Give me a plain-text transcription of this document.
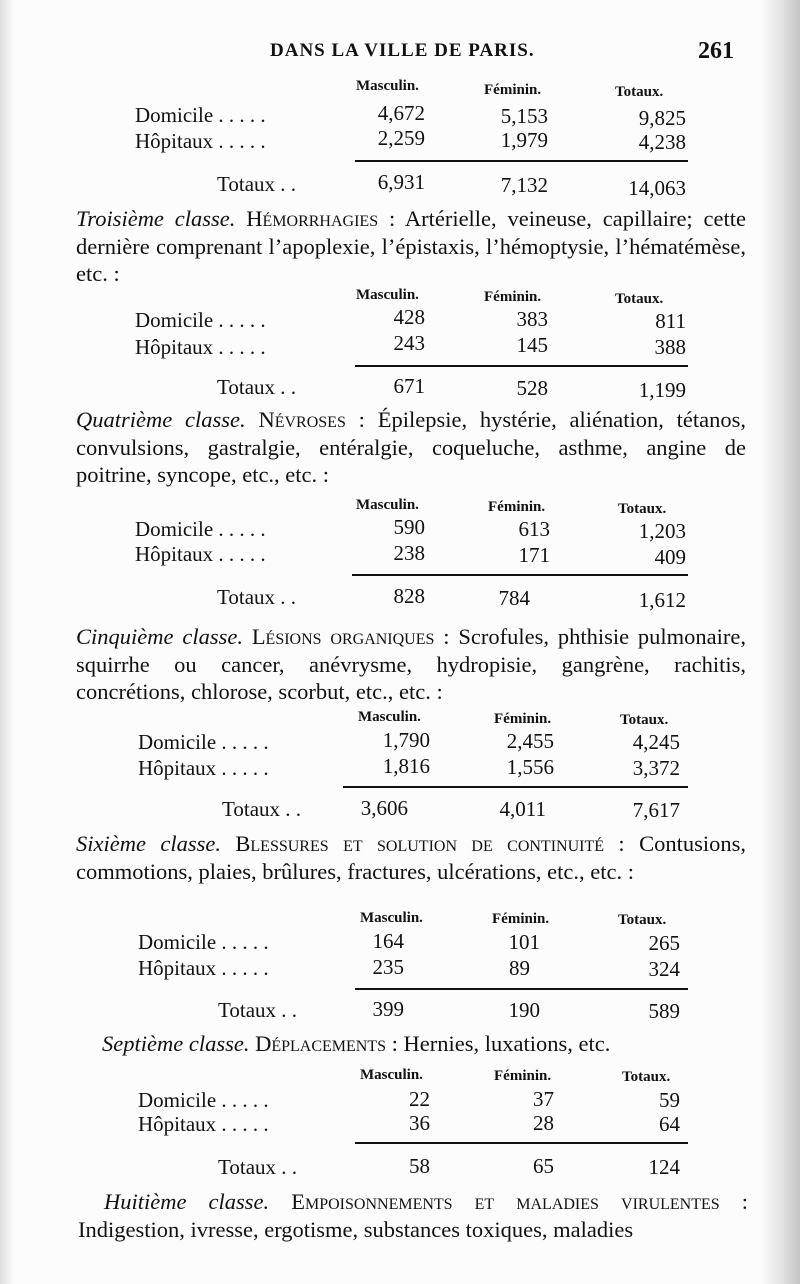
DANS LA VILLE DE PARIS.	261
Masculin.	Féminin.	Totaux.
Domicile . . . . .	4,672	5,153	9,825
Hôpitaux . . . . .	2,259	1,979	4,238
Totaux . .	6,931	7,132	14,063
Troisième classe. Hémorrhagies : Artérielle, veineuse, capillaire; cette dernière comprenant l’apoplexie, l’épistaxis, l’hémoptysie, l’hématémèse, etc. :
Masculin.	Féminin.	Totaux.
Domicile . . . . .	428	383	811
Hôpitaux . . . . .	243	145	388
Totaux . .	671	528	1,199
Quatrième classe. Névroses : Épilepsie, hystérie, aliénation, tétanos, convulsions, gastralgie, entéralgie, coqueluche, asthme, angine de poitrine, syncope, etc., etc. :
Masculin.	Féminin.	Totaux.
Domicile . . . . .	590	613	1,203
Hôpitaux . . . . .	238	171	409
Totaux . .	828	784	1,612
Cinquième classe. Lésions organiques : Scrofules, phthisie pulmonaire, squirrhe ou cancer, anévrysme, hydropisie, gangrène, rachitis, concrétions, chlorose, scorbut, etc., etc. :
Masculin.	Féminin.	Totaux.
Domicile . . . . .	1,790	2,455	4,245
Hôpitaux . . . . .	1,816	1,556	3,372
Totaux . .	3,606	4,011	7,617
Sixième classe. Blessures et solution de continuité : Contusions, commotions, plaies, brûlures, fractures, ulcérations, etc., etc. :
Masculin.	Féminin.	Totaux.
Domicile . . . . .	164	101	265
Hôpitaux . . . . .	235	89	324
Totaux . .	399	190	589
Septième classe. Déplacements : Hernies, luxations, etc.
Masculin.	Féminin.	Totaux.
Domicile . . . . .	22	37	59
Hôpitaux . . . . .	36	28	64
Totaux . .	58	65	124
Huitième classe. Empoisonnements et maladies virulentes : Indigestion, ivresse, ergotisme, substances toxiques, maladies
